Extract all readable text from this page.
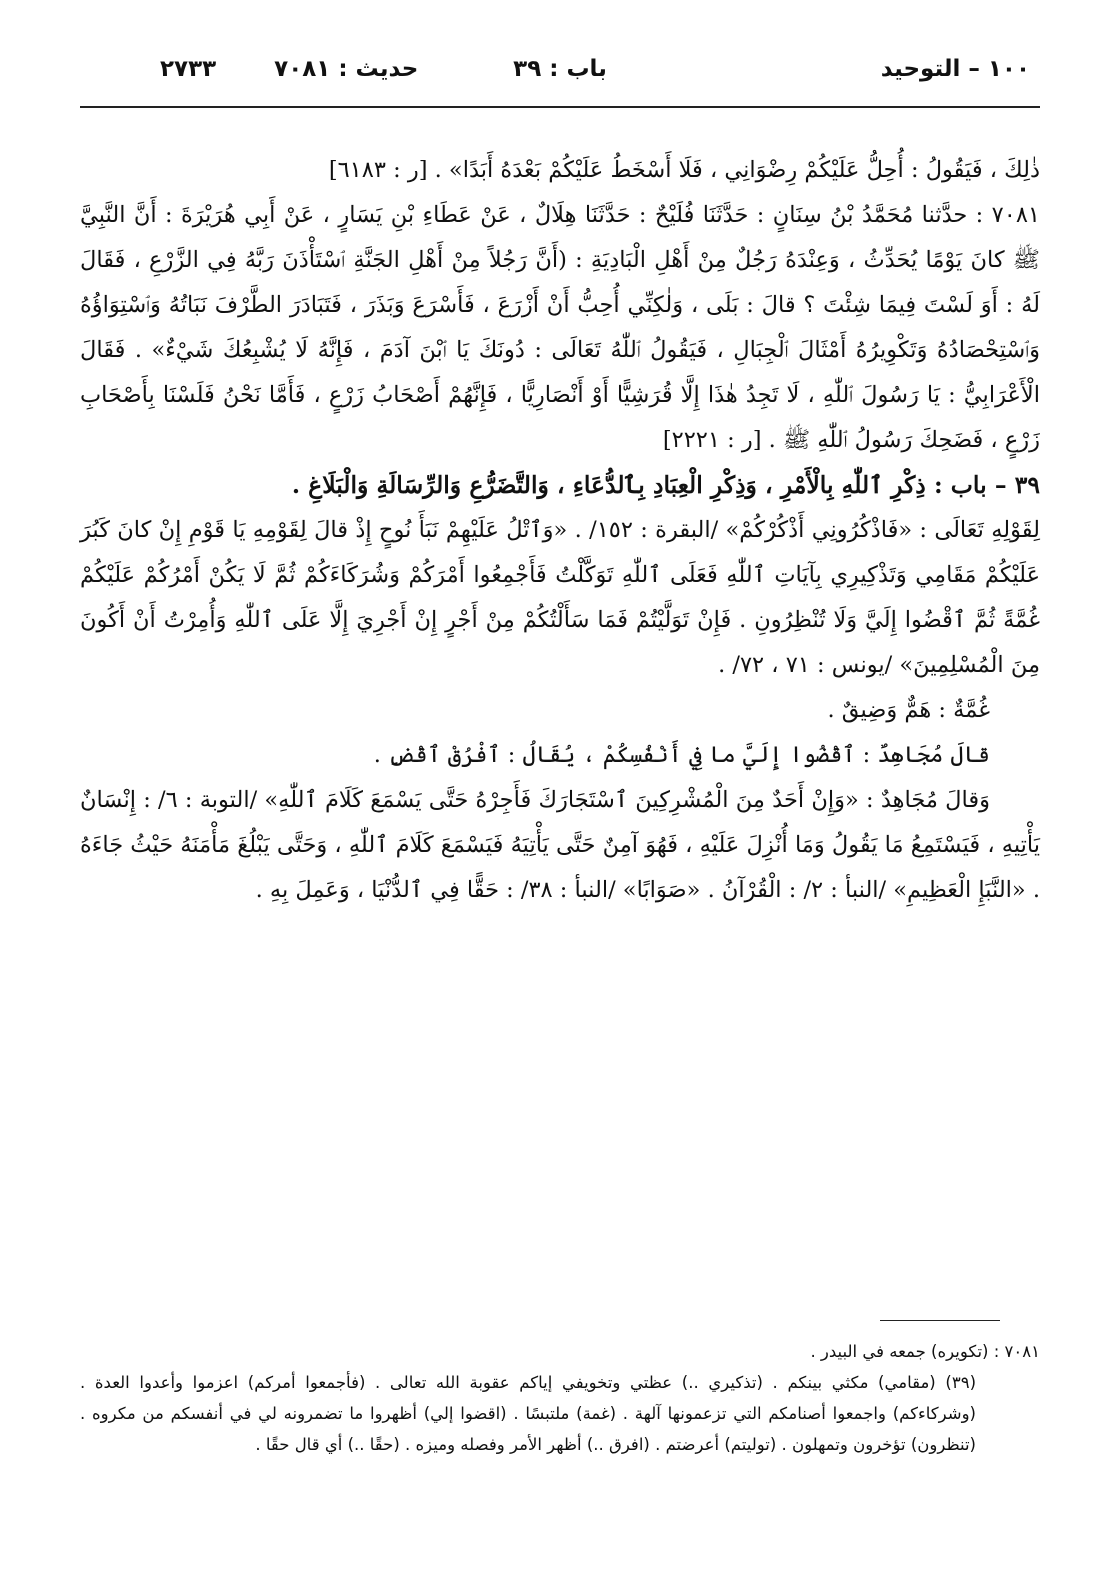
١٠٠ – التوحيد
باب : ٣٩
حديث : ٧٠٨١ ٢٧٣٣

ذٰلِكَ ، فَيَقُولُ : أُحِلُّ عَلَيْكُمْ رِضْوَانِي ، فَلَا أَسْخَطُ عَلَيْكُمْ بَعْدَهُ أَبَدًا» . [ر : ٦١٨٣]

٧٠٨١ : حدَّثنا مُحَمَّدُ بْنُ سِنَانٍ : حَدَّثَنَا فُلَيْحٌ : حَدَّثَنَا هِلَالٌ ، عَنْ عَطَاءِ بْنِ يَسَارٍ ، عَنْ أَبِي هُرَيْرَةَ : أَنَّ النَّبِيَّ ﷺ كانَ يَوْمًا يُحَدِّثُ ، وَعِنْدَهُ رَجُلٌ مِنْ أَهْلِ الْبَادِيَةِ : (أَنَّ رَجُلاً مِنْ أَهْلِ الجَنَّةِ ٱسْتَأْذَنَ رَبَّهُ فِي الزَّرْعِ ، فَقَالَ لَهُ : أَوَ لَسْتَ فِيمَا شِئْتَ ؟ قالَ : بَلَى ، وَلٰكِنِّي أُحِبُّ أَنْ أَزْرَعَ ، فَأَسْرَعَ وَبَذَرَ ، فَتَبَادَرَ الطَّرْفَ نَبَاتُهُ وَٱسْتِوَاؤُهُ وَٱسْتِحْصَادُهُ وَتَكْوِيرُهُ أَمْثَالَ ٱلْجِبَالِ ، فَيَقُولُ ٱللّٰهُ تَعَالَى : دُونَكَ يَا ٱبْنَ آدَمَ ، فَإِنَّهُ لَا يُشْبِعُكَ شَيْءٌ» . فَقَالَ الْأَعْرَابِيُّ : يَا رَسُولَ ٱللّٰهِ ، لَا تَجِدُ هٰذَا إِلَّا قُرَشِيًّا أَوْ أَنْصَارِيًّا ، فَإِنَّهُمْ أَصْحَابُ زَرْعٍ ، فَأَمَّا نَحْنُ فَلَسْنَا بِأَصْحَابِ زَرْعٍ ، فَضَحِكَ رَسُولُ ٱللّٰهِ ﷺ . [ر : ٢٢٢١]

٣٩ – باب : ذِكْرِ ٱللّٰهِ بِالْأَمْرِ ، وَذِكْرِ الْعِبَادِ بِٱلدُّعَاءِ ، وَالتَّضَرُّعِ وَالرِّسَالَةِ وَالْبَلَاغِ .

لِقَوْلِهِ تَعَالَى : «فَاذْكُرُونِي أَذْكُرْكُمْ» /البقرة : ١٥٢/ . «وَٱتْلُ عَلَيْهِمْ نَبَأَ نُوحٍ إِذْ قالَ لِقَوْمِهِ يَا قَوْمِ إِنْ كانَ كَبُرَ عَلَيْكُمْ مَقَامِي وَتَذْكِيرِي بِآيَاتِ ٱللّٰهِ فَعَلَى ٱللّٰهِ تَوَكَّلْتُ فَأَجْمِعُوا أَمْرَكُمْ وَشُرَكَاءَكُمْ ثُمَّ لَا يَكُنْ أَمْرُكُمْ عَلَيْكُمْ غُمَّةً ثُمَّ ٱقْضُوا إِلَيَّ وَلَا تُنْظِرُونِ . فَإِنْ تَوَلَّيْتُمْ فَمَا سَأَلْتُكُمْ مِنْ أَجْرٍ إِنْ أَجْرِيَ إِلَّا عَلَى ٱللّٰهِ وَأُمِرْتُ أَنْ أَكُونَ مِنَ الْمُسْلِمِينَ» /يونس : ٧١ ، ٧٢/ .

غُمَّةٌ : هَمٌّ وَضِيقٌ .

قالَ مُجَاهِدٌ : ٱقْضُوا إِلَيَّ ما فِي أَنْفُسِكُمْ ، يُقَالُ : ٱفْرُقْ ٱقْضِ .

وَقالَ مُجَاهِدٌ : «وَإِنْ أَحَدٌ مِنَ الْمُشْرِكِينَ ٱسْتَجَارَكَ فَأَجِرْهُ حَتَّى يَسْمَعَ كَلَامَ ٱللّٰهِ» /التوبة : ٦/ : إِنْسَانٌ يَأْتِيهِ ، فَيَسْتَمِعُ مَا يَقُولُ وَمَا أُنْزِلَ عَلَيْهِ ، فَهُوَ آمِنٌ حَتَّى يَأْتِيَهُ فَيَسْمَعَ كَلَامَ ٱللّٰهِ ، وَحَتَّى يَبْلُغَ مَأْمَنَهُ حَيْثُ جَاءَهُ . «النَّبَإِ الْعَظِيمِ» /النبأ : ٢/ : الْقُرْآنُ . «صَوَابًا» /النبأ : ٣٨/ : حَقًّا فِي ٱلدُّنْيَا ، وَعَمِلَ بِهِ .

٧٠٨١ : (تكويره) جمعه في البيدر .

(٣٩) (مقامي) مكثي بينكم . (تذكيري ..) عظتي وتخويفي إياكم عقوبة الله تعالى . (فأجمعوا أمركم) اعزموا وأعدوا العدة . (وشركاءكم) واجمعوا أصنامكم التي تزعمونها آلهة . (غمة) ملتبسًا . (اقضوا إلي) أظهروا ما تضمرونه لي في أنفسكم من مكروه . (تنظرون) تؤخرون وتمهلون . (توليتم) أعرضتم . (افرق ..) أظهر الأمر وفصله وميزه . (حقًا ..) أي قال حقًا .
